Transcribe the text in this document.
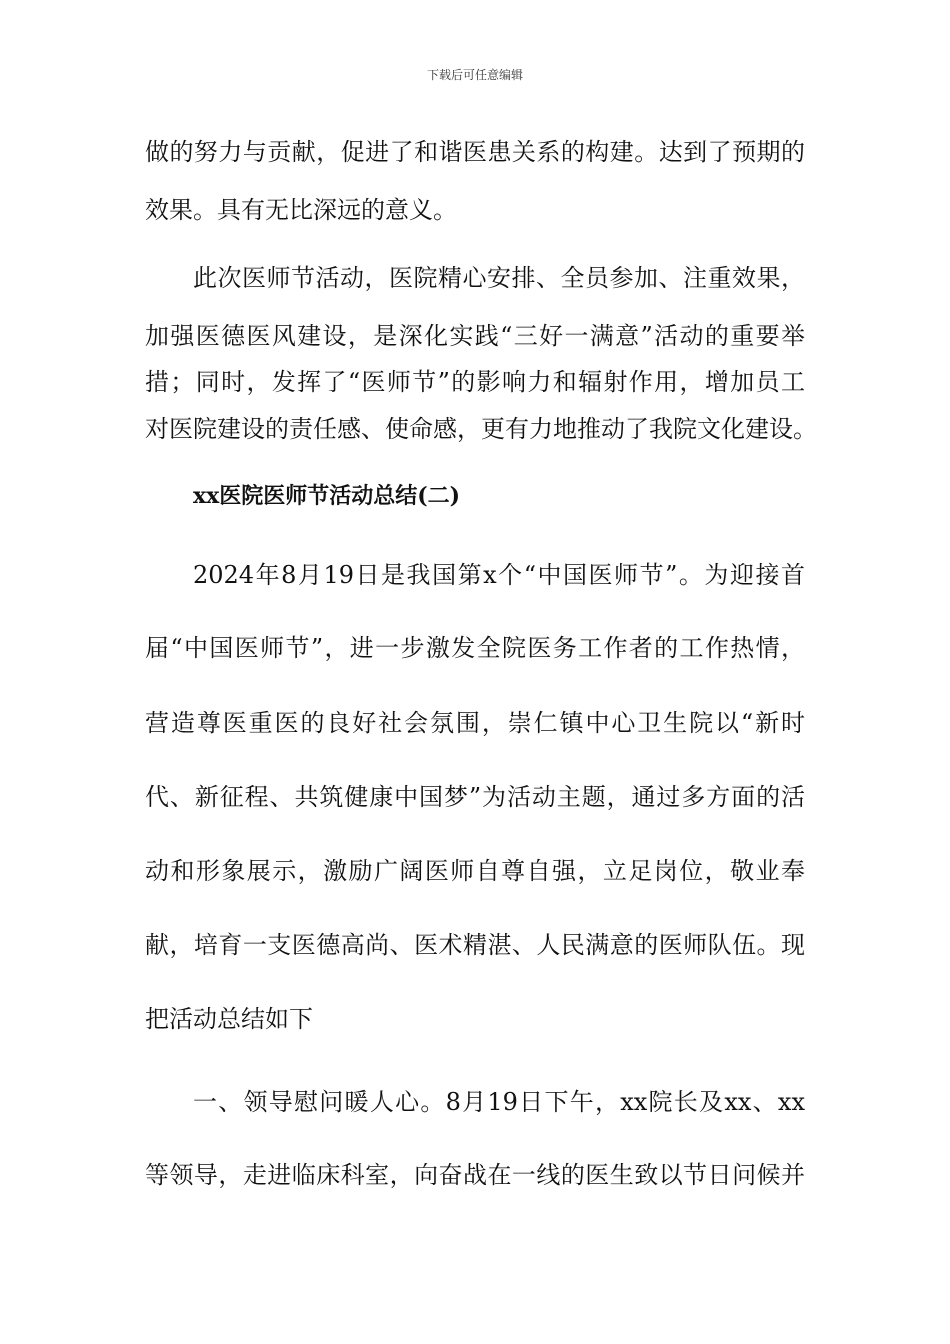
下载后可任意编辑
做的努力与贡献，促进了和谐医患关系的构建。达到了预期的
效果。具有无比深远的意义。
此次医师节活动，医院精心安排、全员参加、注重效果，
加强医德医风建设，是深化实践“三好一满意”活动的重要举
措；同时，发挥了“医师节”的影响力和辐射作用，增加员工
对医院建设的责任感、使命感，更有力地推动了我院文化建设。
xx医院医师节活动总结(二)
2024年8月19日是我国第x个“中国医师节”。为迎接首
届“中国医师节”，进一步激发全院医务工作者的工作热情，
营造尊医重医的良好社会氛围，崇仁镇中心卫生院以“新时
代、新征程、共筑健康中国梦”为活动主题，通过多方面的活
动和形象展示，激励广阔医师自尊自强，立足岗位，敬业奉
献，培育一支医德高尚、医术精湛、人民满意的医师队伍。现
把活动总结如下
一、领导慰问暖人心。8月19日下午，xx院长及xx、xx
等领导，走进临床科室，向奋战在一线的医生致以节日问候并
